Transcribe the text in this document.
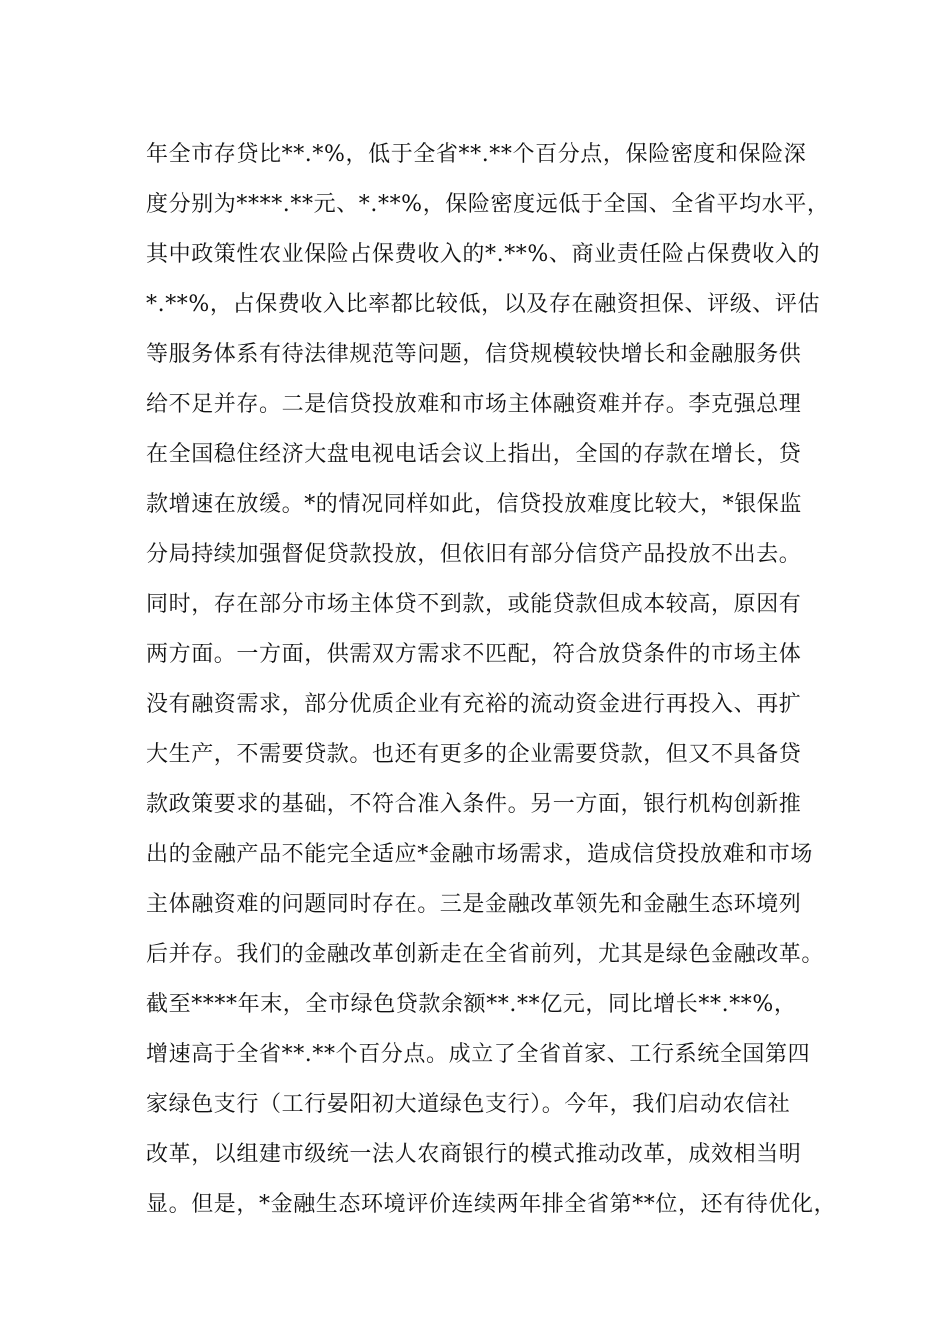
年全市存贷比**.*%，低于全省**.**个百分点，保险密度和保险深
度分别为****.**元、*.**%，保险密度远低于全国、全省平均水平，
其中政策性农业保险占保费收入的*.**%、商业责任险占保费收入的
*.**%，占保费收入比率都比较低，以及存在融资担保、评级、评估
等服务体系有待法律规范等问题，信贷规模较快增长和金融服务供
给不足并存。二是信贷投放难和市场主体融资难并存。李克强总理
在全国稳住经济大盘电视电话会议上指出，全国的存款在增长，贷
款增速在放缓。*的情况同样如此，信贷投放难度比较大，*银保监
分局持续加强督促贷款投放，但依旧有部分信贷产品投放不出去。
同时，存在部分市场主体贷不到款，或能贷款但成本较高，原因有
两方面。一方面，供需双方需求不匹配，符合放贷条件的市场主体
没有融资需求，部分优质企业有充裕的流动资金进行再投入、再扩
大生产，不需要贷款。也还有更多的企业需要贷款，但又不具备贷
款政策要求的基础，不符合准入条件。另一方面，银行机构创新推
出的金融产品不能完全适应*金融市场需求，造成信贷投放难和市场
主体融资难的问题同时存在。三是金融改革领先和金融生态环境列
后并存。我们的金融改革创新走在全省前列，尤其是绿色金融改革。
截至****年末，全市绿色贷款余额**.**亿元，同比增长**.**%，
增速高于全省**.**个百分点。成立了全省首家、工行系统全国第四
家绿色支行（工行晏阳初大道绿色支行）。今年，我们启动农信社
改革，以组建市级统一法人农商银行的模式推动改革，成效相当明
显。但是，*金融生态环境评价连续两年排全省第**位，还有待优化，
